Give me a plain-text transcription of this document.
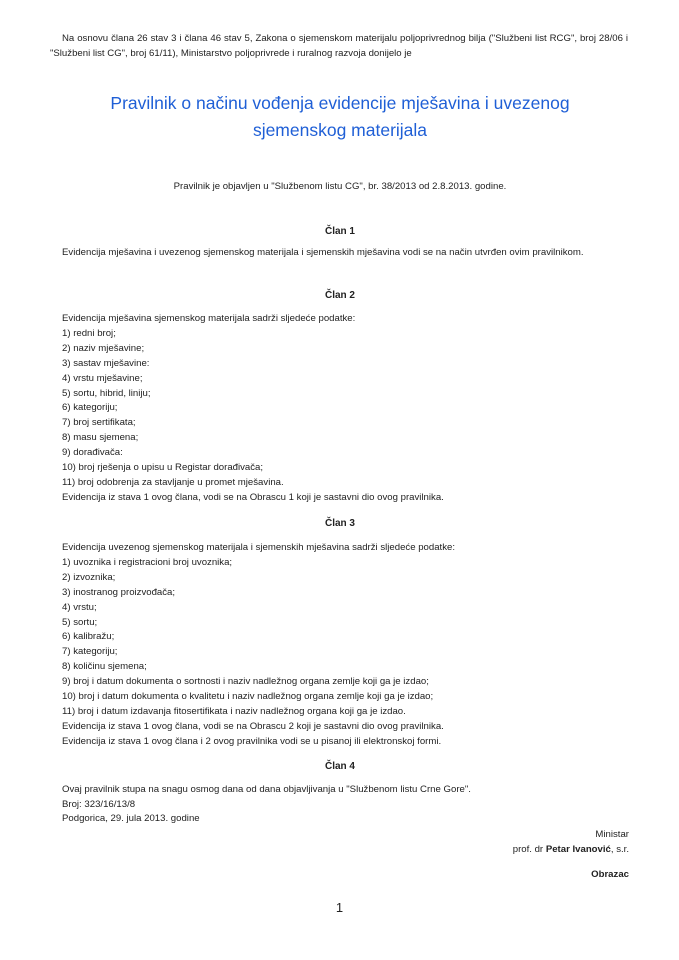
Na osnovu člana 26 stav 3 i člana 46 stav 5, Zakona o sjemenskom materijalu poljoprivrednog bilja ("Službeni list RCG", broj 28/06 i "Službeni list CG", broj 61/11), Ministarstvo poljoprivrede i ruralnog razvoja donijelo je
Pravilnik o načinu vođenja evidencije mješavina i uvezenog
sjemenskog materijala
Pravilnik je objavljen u "Službenom listu CG", br. 38/2013 od 2.8.2013. godine.
Član 1
Evidencija mješavina i uvezenog sjemenskog materijala i sjemenskih mješavina vodi se na način utvrđen ovim pravilnikom.
Član 2
Evidencija mješavina sjemenskog materijala sadrži sljedeće podatke:
1) redni broj;
2) naziv mješavine;
3) sastav mješavine:
4) vrstu mješavine;
5) sortu, hibrid, liniju;
6) kategoriju;
7) broj sertifikata;
8) masu sjemena;
9) dorađivača:
10) broj rješenja o upisu u Registar dorađivača;
11) broj odobrenja za stavljanje u promet mješavina.
Evidencija iz stava 1 ovog člana, vodi se na Obrascu 1 koji je sastavni dio ovog pravilnika.
Član 3
Evidencija uvezenog sjemenskog materijala i sjemenskih mješavina sadrži sljedeće podatke:
1) uvoznika i registracioni broj uvoznika;
2) izvoznika;
3) inostranog proizvođača;
4) vrstu;
5) sortu;
6) kalibražu;
7) kategoriju;
8) količinu sjemena;
9) broj i datum dokumenta o sortnosti i naziv nadležnog organa zemlje koji ga je izdao;
10) broj i datum dokumenta o kvalitetu i naziv nadležnog organa zemlje koji ga je izdao;
11) broj i datum izdavanja fitosertifikata i naziv nadležnog organa koji ga je izdao.
Evidencija iz stava 1 ovog člana, vodi se na Obrascu 2 koji je sastavni dio ovog pravilnika.
Evidencija iz stava 1 ovog člana i 2 ovog pravilnika vodi se u pisanoj ili elektronskoj formi.
Član 4
Ovaj pravilnik stupa na snagu osmog dana od dana objavljivanja u "Službenom listu Crne Gore".
Broj: 323/16/13/8
Podgorica, 29. jula 2013. godine
Ministar
prof. dr Petar Ivanović, s.r.
Obrazac
1
